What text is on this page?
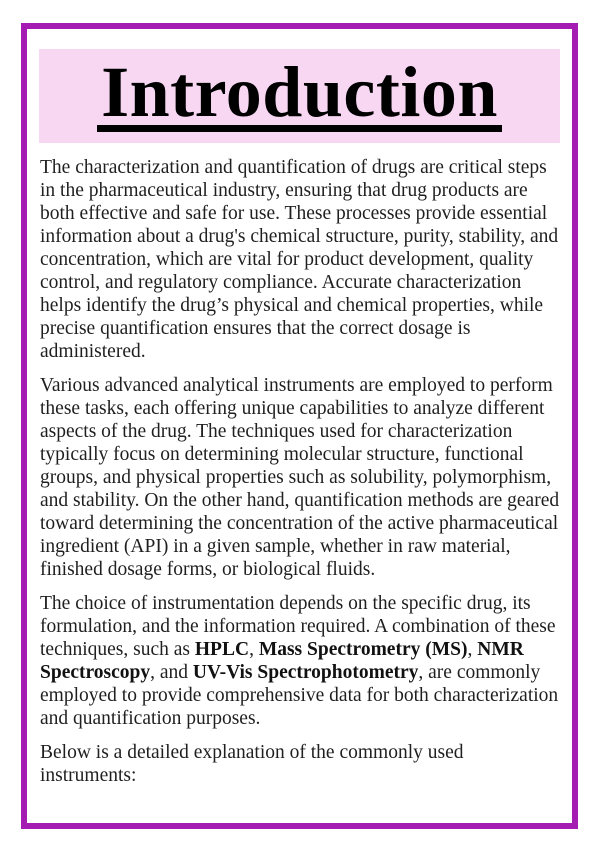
Introduction

The characterization and quantification of drugs are critical steps in the pharmaceutical industry, ensuring that drug products are both effective and safe for use. These processes provide essential information about a drug's chemical structure, purity, stability, and concentration, which are vital for product development, quality control, and regulatory compliance. Accurate characterization helps identify the drug’s physical and chemical properties, while precise quantification ensures that the correct dosage is administered.

Various advanced analytical instruments are employed to perform these tasks, each offering unique capabilities to analyze different aspects of the drug. The techniques used for characterization typically focus on determining molecular structure, functional groups, and physical properties such as solubility, polymorphism, and stability. On the other hand, quantification methods are geared toward determining the concentration of the active pharmaceutical ingredient (API) in a given sample, whether in raw material, finished dosage forms, or biological fluids.

The choice of instrumentation depends on the specific drug, its formulation, and the information required. A combination of these techniques, such as HPLC, Mass Spectrometry (MS), NMR Spectroscopy, and UV-Vis Spectrophotometry, are commonly employed to provide comprehensive data for both characterization and quantification purposes.

Below is a detailed explanation of the commonly used instruments:
